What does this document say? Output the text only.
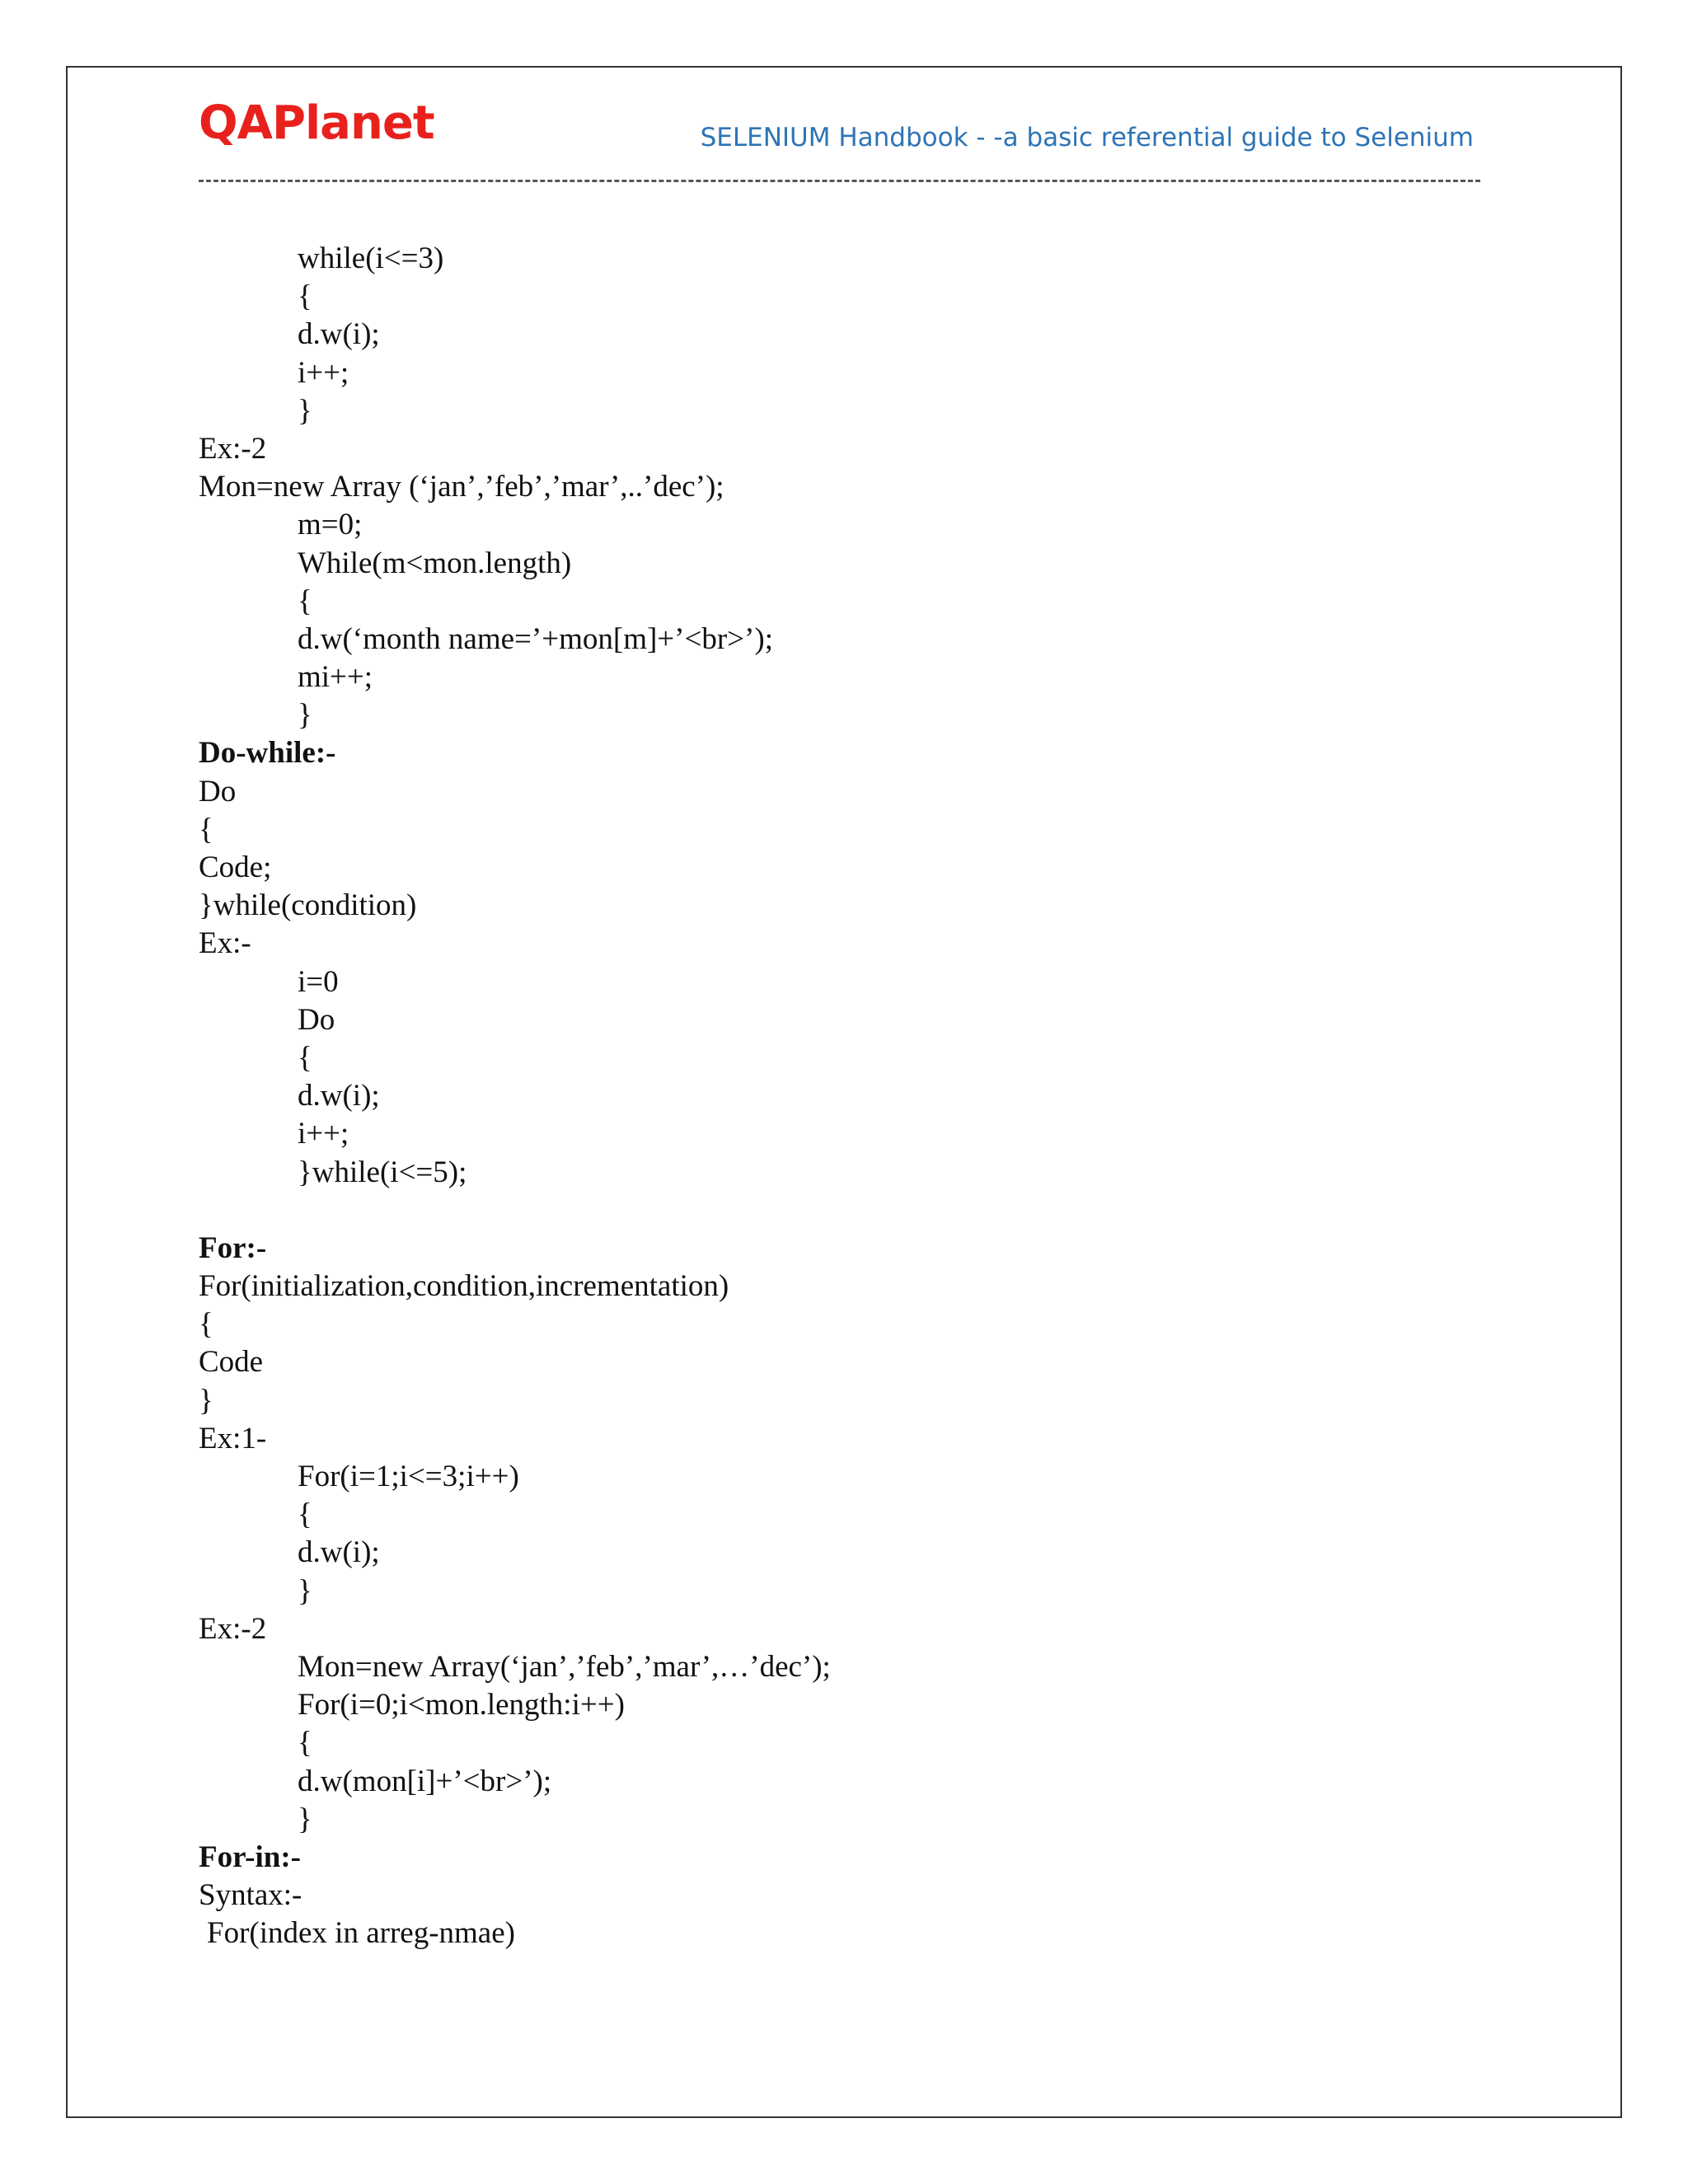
QAPlanet	SELENIUM Handbook - -a basic referential guide to Selenium
while(i<=3)
{
d.w(i);
i++;
}
Ex:-2
Mon=new Array (‘jan’,’feb’,’mar’,..’dec’);
m=0;
While(m<mon.length)
{
d.w(‘month name=’+mon[m]+’<br>’);
mi++;
}
Do-while:-
Do
{
Code;
}while(condition)
Ex:-
i=0
Do
{
d.w(i);
i++;
}while(i<=5);
For:-
For(initialization,condition,incrementation)
{
Code
}
Ex:1-
For(i=1;i<=3;i++)
{
d.w(i);
}
Ex:-2
Mon=new Array(‘jan’,’feb’,’mar’,…’dec’);
For(i=0;i<mon.length:i++)
{
d.w(mon[i]+’<br>’);
}
For-in:-
Syntax:-
For(index in arreg-nmae)
